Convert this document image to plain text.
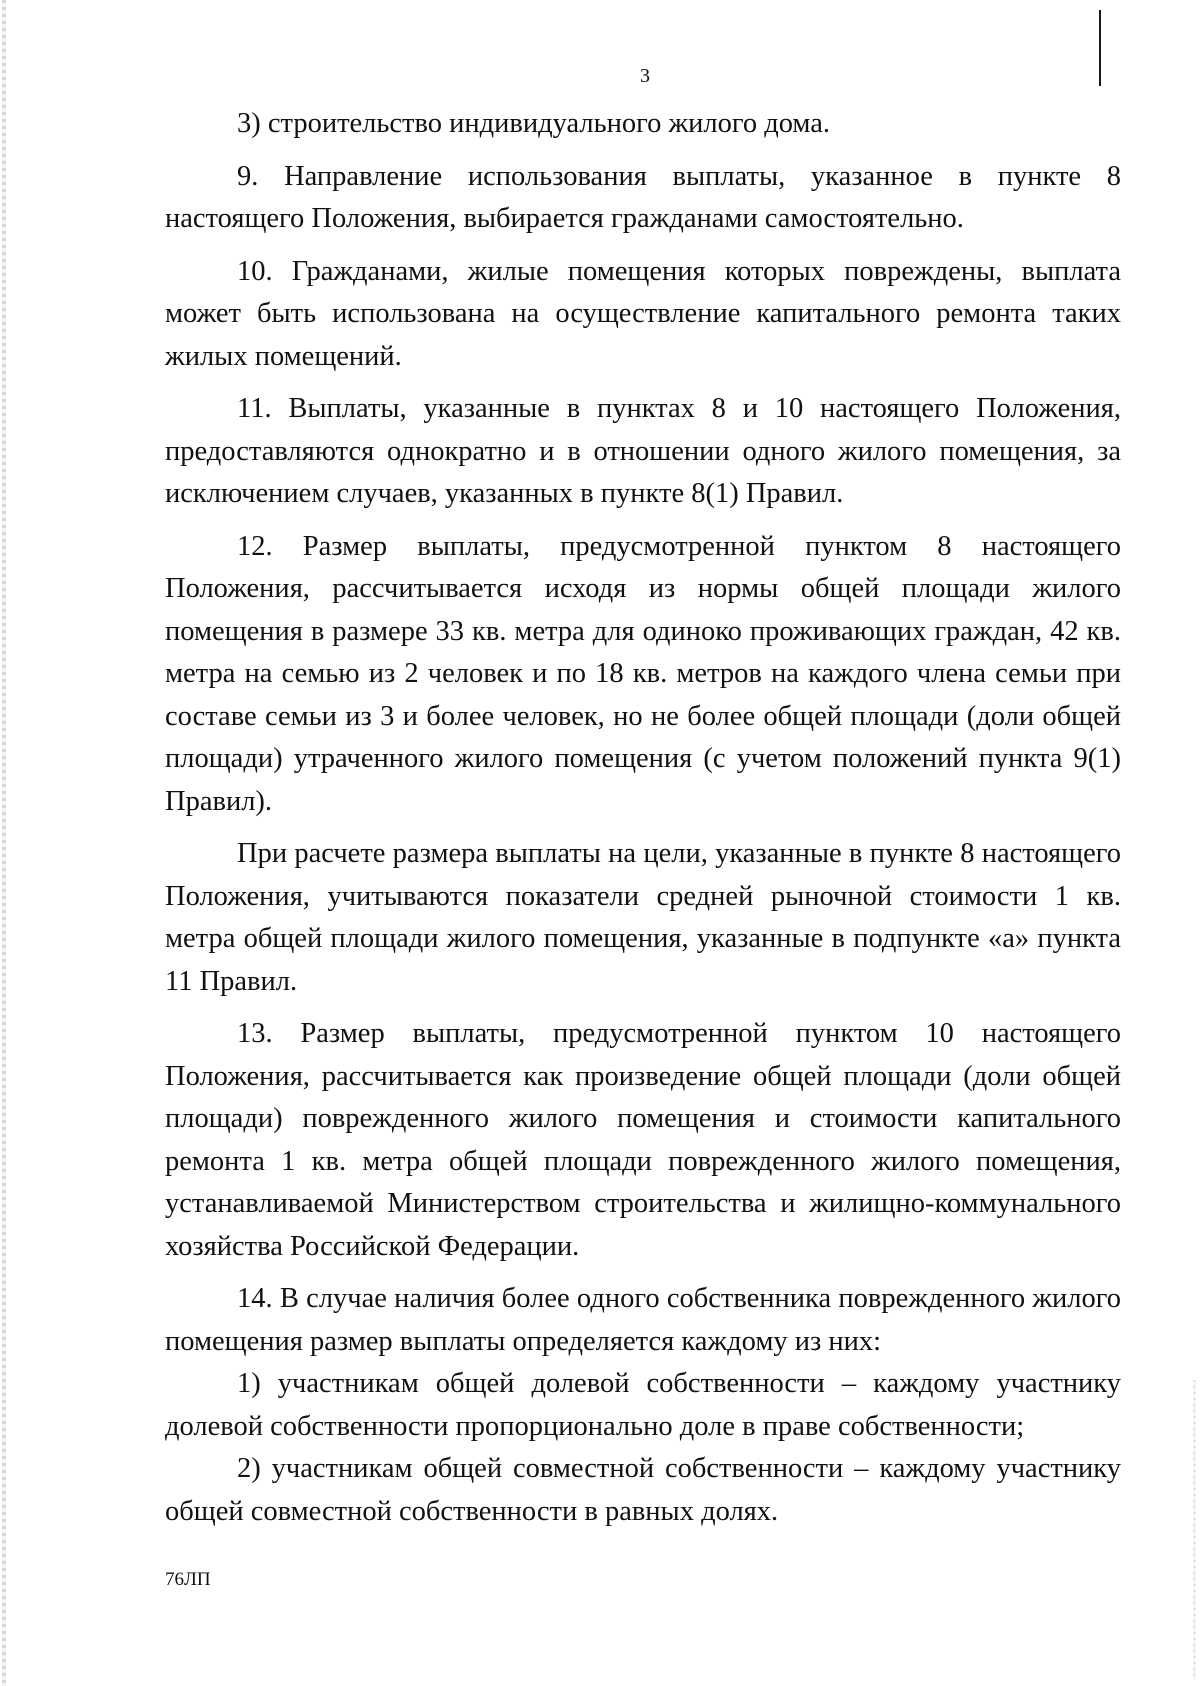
3

3) строительство индивидуального жилого дома.

9. Направление использования выплаты, указанное в пункте 8 настоящего Положения, выбирается гражданами самостоятельно.

10. Гражданами, жилые помещения которых повреждены, выплата может быть использована на осуществление капитального ремонта таких жилых помещений.

11. Выплаты, указанные в пунктах 8 и 10 настоящего Положения, предоставляются однократно и в отношении одного жилого помещения, за исключением случаев, указанных в пункте 8(1) Правил.

12. Размер выплаты, предусмотренной пунктом 8 настоящего Положения, рассчитывается исходя из нормы общей площади жилого помещения в размере 33 кв. метра для одиноко проживающих граждан, 42 кв. метра на семью из 2 человек и по 18 кв. метров на каждого члена семьи при составе семьи из 3 и более человек, но не более общей площади (доли общей площади) утраченного жилого помещения (с учетом положений пункта 9(1) Правил).

При расчете размера выплаты на цели, указанные в пункте 8 настоящего Положения, учитываются показатели средней рыночной стоимости 1 кв. метра общей площади жилого помещения, указанные в подпункте «а» пункта 11 Правил.

13. Размер выплаты, предусмотренной пунктом 10 настоящего Положения, рассчитывается как произведение общей площади (доли общей площади) поврежденного жилого помещения и стоимости капитального ремонта 1 кв. метра общей площади поврежденного жилого помещения, устанавливаемой Министерством строительства и жилищно-коммунального хозяйства Российской Федерации.

14. В случае наличия более одного собственника поврежденного жилого помещения размер выплаты определяется каждому из них:

1) участникам общей долевой собственности – каждому участнику долевой собственности пропорционально доле в праве собственности;

2) участникам общей совместной собственности – каждому участнику общей совместной собственности в равных долях.

76ЛП
